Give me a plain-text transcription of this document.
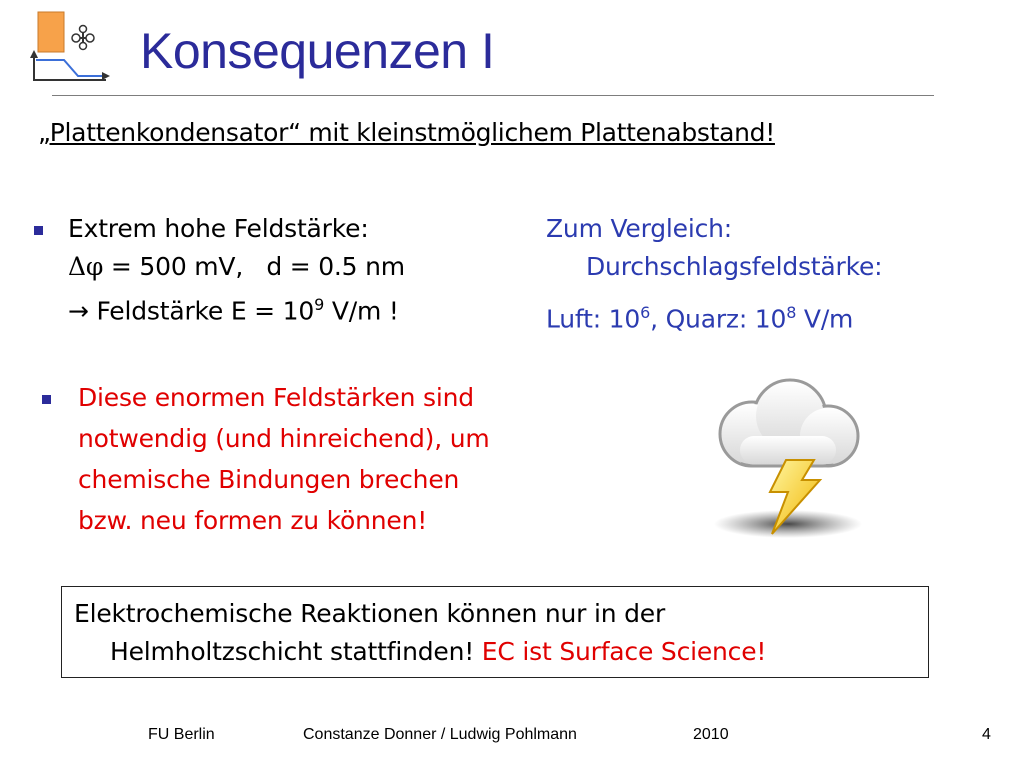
Konsequenzen I
„Plattenkondensator“ mit kleinstmöglichem Plattenabstand!
Extrem hohe Feldstärke:
Δφ = 500 mV,   d = 0.5 nm
→ Feldstärke $E = 10^9$ V/m !
Zum Vergleich:
Durchschlagsfeldstärke:
Luft: $10^6$, Quarz: $10^8$ V/m
Diese enormen Feldstärken sind
notwendig (und hinreichend), um
chemische Bindungen brechen
bzw. neu formen zu können!
Elektrochemische Reaktionen können nur in der
Helmholtzschicht stattfinden! EC ist Surface Science!
FU Berlin	Constanze Donner / Ludwig Pohlmann	2010	4
